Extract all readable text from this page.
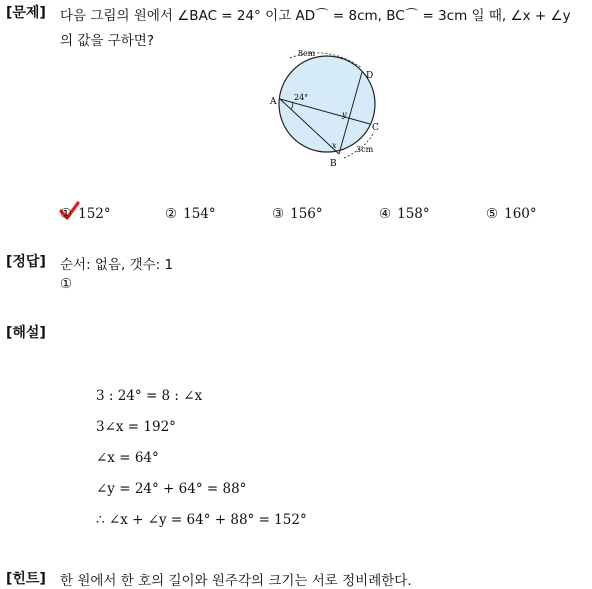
[문제] 다음 그림의 원에서 ∠BAC = 24° 이고 AD⌒ = 8cm, BC⌒ = 3cm 일 때, ∠x + ∠y
의 값을 구하면?
A
B
C
D
24°
x
y
8cm
3cm
① 152°	② 154°	③ 156°	④ 158°	⑤ 160°
[정답] 순서: 없음, 갯수: 1
①
[해설]
3 : 24° = 8 : ∠x
3∠x = 192°
∠x = 64°
∠y = 24° + 64° = 88°
∴ ∠x + ∠y = 64° + 88° = 152°
[힌트] 한 원에서 한 호의 길이와 원주각의 크기는 서로 정비례한다.
